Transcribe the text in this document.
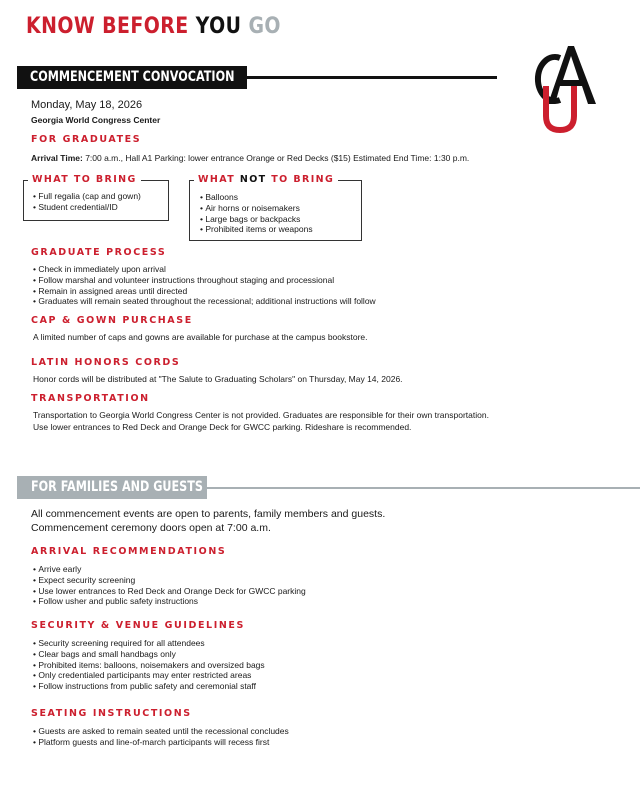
KNOW BEFORE YOU GO
COMMENCEMENT CONVOCATION
Monday, May 18, 2026
Georgia World Congress Center
FOR GRADUATES
Arrival Time: 7:00 a.m., Hall A1 Parking: lower entrance Orange or Red Decks ($15) Estimated End Time: 1:30 p.m.
WHAT TO BRING
• Full regalia (cap and gown)
• Student credential/ID
WHAT NOT TO BRING
• Balloons
• Air horns or noisemakers
• Large bags or backpacks
• Prohibited items or weapons
GRADUATE PROCESS
• Check in immediately upon arrival
• Follow marshal and volunteer instructions throughout staging and processional
• Remain in assigned areas until directed
• Graduates will remain seated throughout the recessional; additional instructions will follow
CAP & GOWN PURCHASE
A limited number of caps and gowns are available for purchase at the campus bookstore.
LATIN HONORS CORDS
Honor cords will be distributed at "The Salute to Graduating Scholars" on Thursday, May 14, 2026.
TRANSPORTATION
Transportation to Georgia World Congress Center is not provided. Graduates are responsible for their own transportation.
Use lower entrances to Red Deck and Orange Deck for GWCC parking. Rideshare is recommended.
FOR FAMILIES AND GUESTS
All commencement events are open to parents, family members and guests.
Commencement ceremony doors open at 7:00 a.m.
ARRIVAL RECOMMENDATIONS
• Arrive early
• Expect security screening
• Use lower entrances to Red Deck and Orange Deck for GWCC parking
• Follow usher and public safety instructions
SECURITY & VENUE GUIDELINES
• Security screening required for all attendees
• Clear bags and small handbags only
• Prohibited items: balloons, noisemakers and oversized bags
• Only credentialed participants may enter restricted areas
• Follow instructions from public safety and ceremonial staff
SEATING INSTRUCTIONS
• Guests are asked to remain seated until the recessional concludes
• Platform guests and line-of-march participants will recess first
